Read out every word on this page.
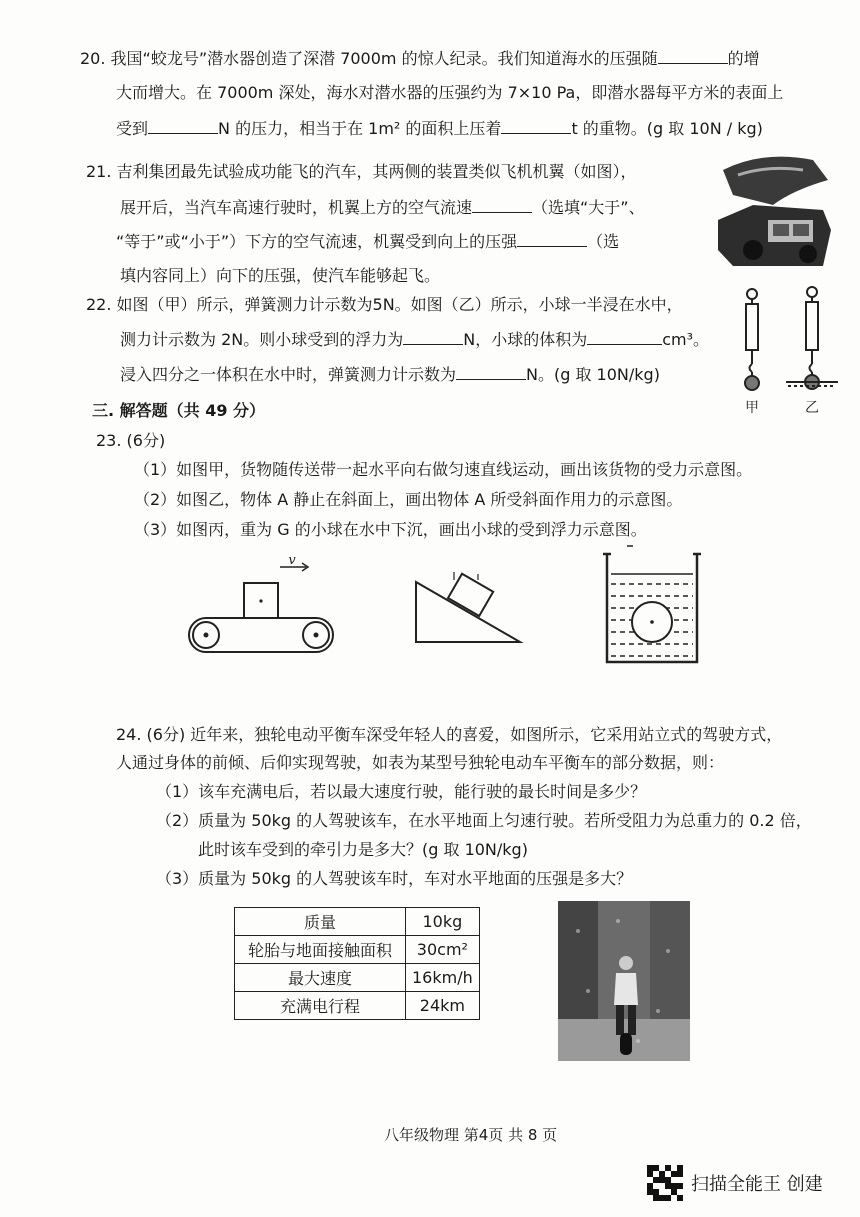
20. 我国“蛟龙号”潜水器创造了深潜 7000m 的惊人纪录。我们知道海水的压强随	的增
大而增大。在 7000m 深处，海水对潜水器的压强约为 7×10 Pa，即潜水器每平方米的表面上
受到	N 的压力，相当于在 1m² 的面积上压着	t 的重物。(g 取 10N / kg)
21. 吉利集团最先试验成功能飞的汽车，其两侧的装置类似飞机机翼（如图），
展开后，当汽车高速行驶时，机翼上方的空气流速	（选填“大于”、
“等于”或“小于”）下方的空气流速，机翼受到向上的压强	（选
填内容同上）向下的压强，使汽车能够起飞。
22. 如图（甲）所示，弹簧测力计示数为5N。如图（乙）所示，小球一半浸在水中，
测力计示数为 2N。则小球受到的浮力为	N，小球的体积为	cm³。
浸入四分之一体积在水中时，弹簧测力计示数为	N。(g 取 10N/kg)
甲	乙
三. 解答题（共 49 分）
23. (6分)
（1）如图甲，货物随传送带一起水平向右做匀速直线运动，画出该货物的受力示意图。
（2）如图乙，物体 A 静止在斜面上，画出物体 A 所受斜面作用力的示意图。
（3）如图丙，重为 G 的小球在水中下沉，画出小球的受到浮力示意图。
v
24. (6分) 近年来，独轮电动平衡车深受年轻人的喜爱，如图所示，它采用站立式的驾驶方式，
人通过身体的前倾、后仰实现驾驶，如表为某型号独轮电动车平衡车的部分数据，则：
（1）该车充满电后，若以最大速度行驶，能行驶的最长时间是多少？
（2）质量为 50kg 的人驾驶该车，在水平地面上匀速行驶。若所受阻力为总重力的 0.2 倍，
此时该车受到的牵引力是多大？(g 取 10N/kg)
（3）质量为 50kg 的人驾驶该车时，车对水平地面的压强是多大？
质量	10kg
轮胎与地面接触面积	30cm²
最大速度	16km/h
充满电行程	24km
八年级物理 第4页 共 8 页
扫描全能王 创建
